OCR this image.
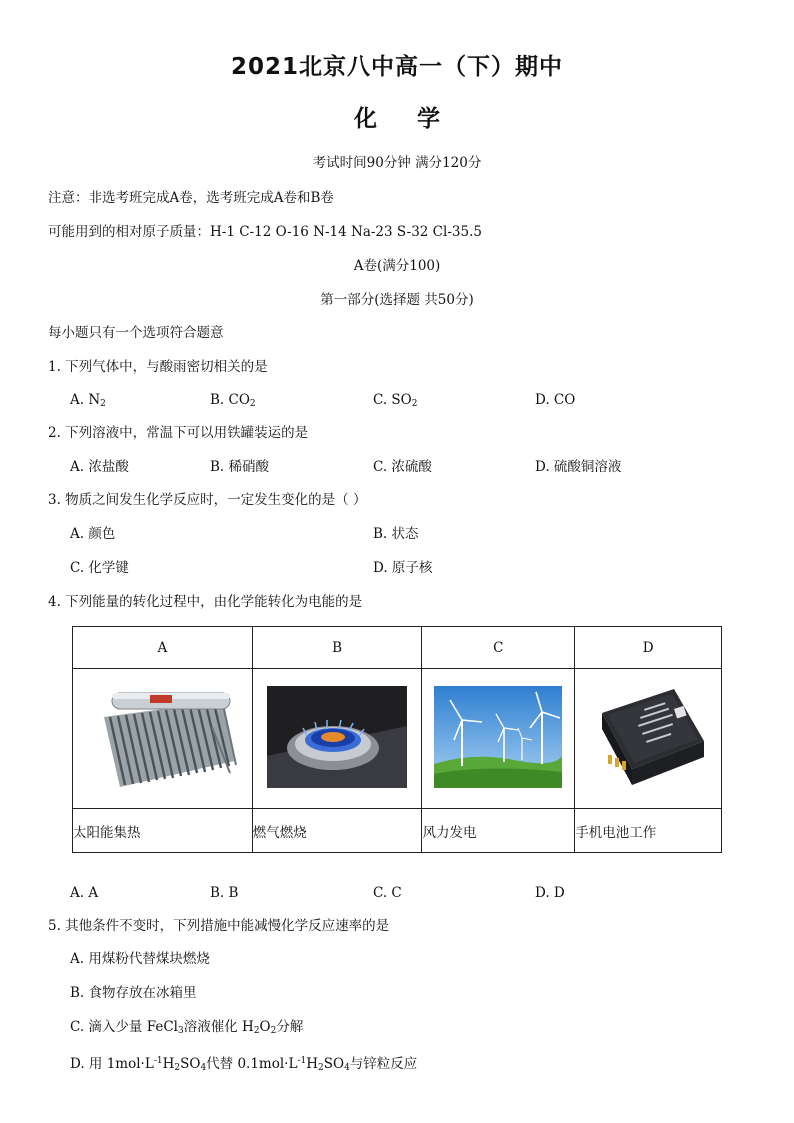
2021北京八中高一（下）期中
化学
考试时间90分钟 满分120分
注意：非选考班完成A卷，选考班完成A卷和B卷
可能用到的相对原子质量：H-1 C-12 O-16 N-14 Na-23 S-32 Cl-35.5
A卷(满分100)
第一部分(选择题 共50分)
每小题只有一个选项符合题意
1. 下列气体中，与酸雨密切相关的是
A. $N_2$	B. $CO_2$	C. $SO_2$	D. CO
2. 下列溶液中，常温下可以用铁罐装运的是
A. 浓盐酸	B. 稀硝酸	C. 浓硫酸	D. 硫酸铜溶液
3. 物质之间发生化学反应时，一定发生变化的是（ ）
A. 颜色	B. 状态
C. 化学键	D. 原子核
4. 下列能量的转化过程中，由化学能转化为电能的是
A	B	C	D

太阳能集热	燃气燃烧	风力发电	手机电池工作
A. A	B. B	C. C	D. D
5. 其他条件不变时，下列措施中能减慢化学反应速率的是
A. 用煤粉代替煤块燃烧
B. 食物存放在冰箱里
C. 滴入少量 FeCl$_3$溶液催化 $H_2O_2$分解
D. 用 $1mol\cdot L^{-1}H_2SO_4$代替 $0.1mol\cdot L^{-1}H_2SO_4$与锌粒反应
